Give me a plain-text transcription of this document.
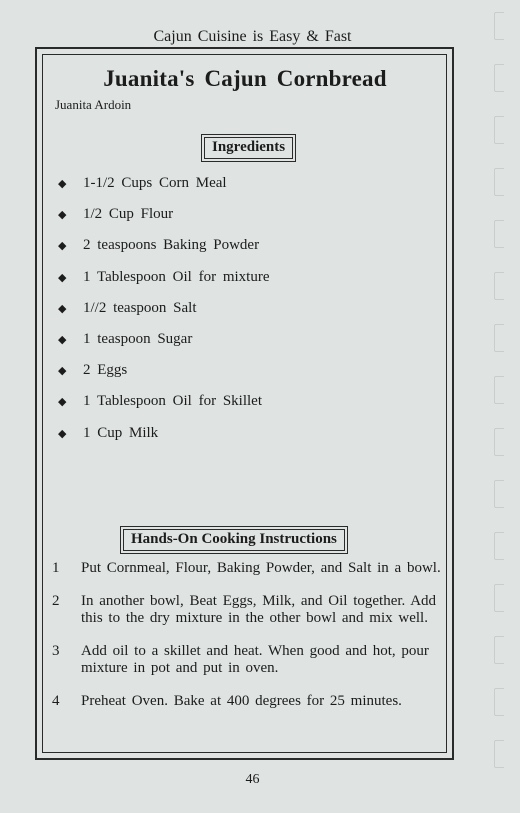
Cajun Cuisine is Easy & Fast
Juanita's Cajun Cornbread
Juanita Ardoin
Ingredients
◆	1-1/2 Cups Corn Meal
◆	1/2 Cup Flour
◆	2 teaspoons Baking Powder
◆	1 Tablespoon Oil for mixture
◆	1//2 teaspoon Salt
◆	1 teaspoon Sugar
◆	2 Eggs
◆	1 Tablespoon Oil for Skillet
◆	1 Cup Milk
Hands-On Cooking Instructions
1	Put Cornmeal, Flour, Baking Powder, and Salt in a bowl.
2	In another bowl, Beat Eggs, Milk, and Oil together. Add this to the dry mixture in the other bowl and mix well.
3	Add oil to a skillet and heat. When good and hot, pour mixture in pot and put in oven.
4	Preheat Oven. Bake at 400 degrees for 25 minutes.
46
